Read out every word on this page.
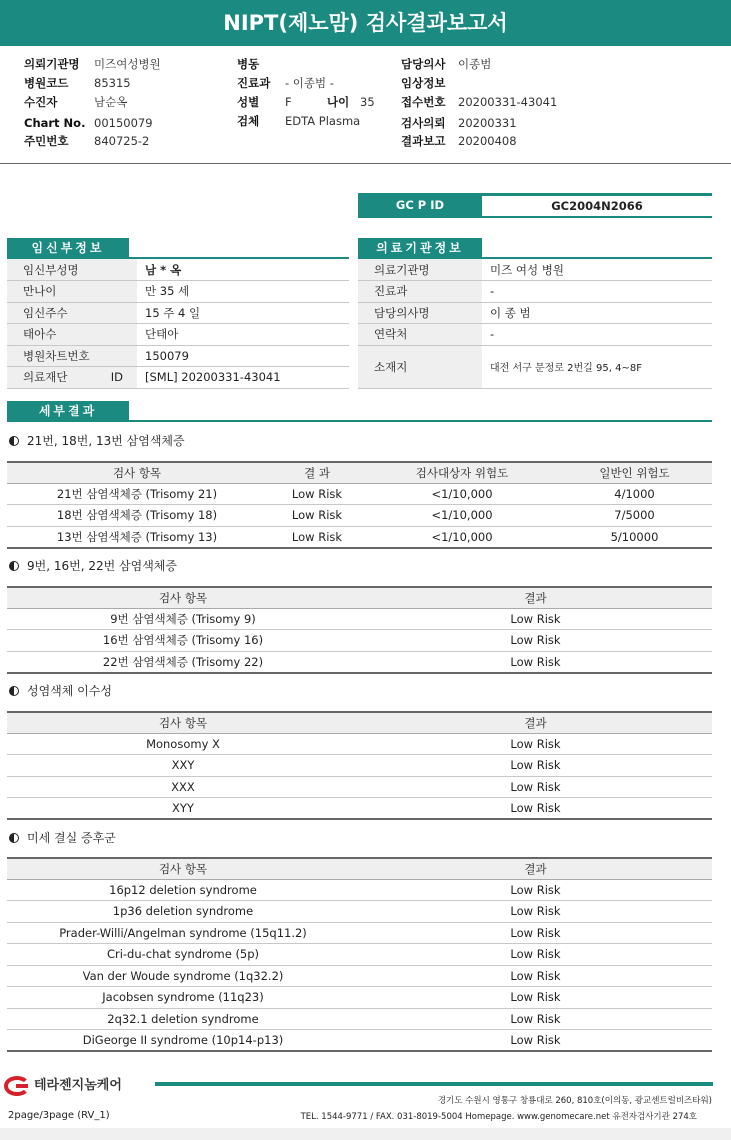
NIPT(제노맘) 검사결과보고서
의뢰기관명 미즈여성병원
병원코드 85315
수진자	남순옥
Chart No. 00150079
주민번호 840725-2
병동
진료과 - 이종범 -
성별 F	나이 35
검체 EDTA Plasma
담당의사 이종범
임상정보
접수번호 20200331-43041
검사의뢰 20200331
결과보고 20200408
GC P ID	GC2004N2066
임신부정보
임신부성명	남 * 옥
만나이	만 35 세
임신주수	15 주 4 일
태아수	단태아
병원차트번호	150079
의료재단 ID	[SML] 20200331-43041
의료기관정보
의료기관명	미즈 여성 병원
진료과	-
담당의사명	이 종 범
연락처	-
소재지	대전 서구 문정로 2번길 95, 4~8F
세부결과
21번, 18번, 13번 삼염색체증
검사 항목	결 과	검사대상자 위험도	일반인 위험도
21번 삼염색체증 (Trisomy 21)	Low Risk	<1/10,000	4/1000
18번 삼염색체증 (Trisomy 18)	Low Risk	<1/10,000	7/5000
13번 삼염색체증 (Trisomy 13)	Low Risk	<1/10,000	5/10000
9번, 16번, 22번 삼염색체증
검사 항목	결과
9번 삼염색체증 (Trisomy 9)	Low Risk
16번 삼염색체증 (Trisomy 16)	Low Risk
22번 삼염색체증 (Trisomy 22)	Low Risk
성염색체 이수성
검사 항목	결과
Monosomy X	Low Risk
XXY	Low Risk
XXX	Low Risk
XYY	Low Risk
미세 결실 증후군
검사 항목	결과
16p12 deletion syndrome	Low Risk
1p36 deletion syndrome	Low Risk
Prader-Willi/Angelman syndrome (15q11.2)	Low Risk
Cri-du-chat syndrome (5p)	Low Risk
Van der Woude syndrome (1q32.2)	Low Risk
Jacobsen syndrome (11q23)	Low Risk
2q32.1 deletion syndrome	Low Risk
DiGeorge II syndrome (10p14-p13)	Low Risk
테라젠지놈케어
경기도 수원시 영통구 창룡대로 260, 810호(이의동, 광교센트럴비즈타워)
TEL. 1544-9771 / FAX. 031-8019-5004 Homepage. www.genomecare.net 유전자검사기관 274호
2page/3page (RV_1)
